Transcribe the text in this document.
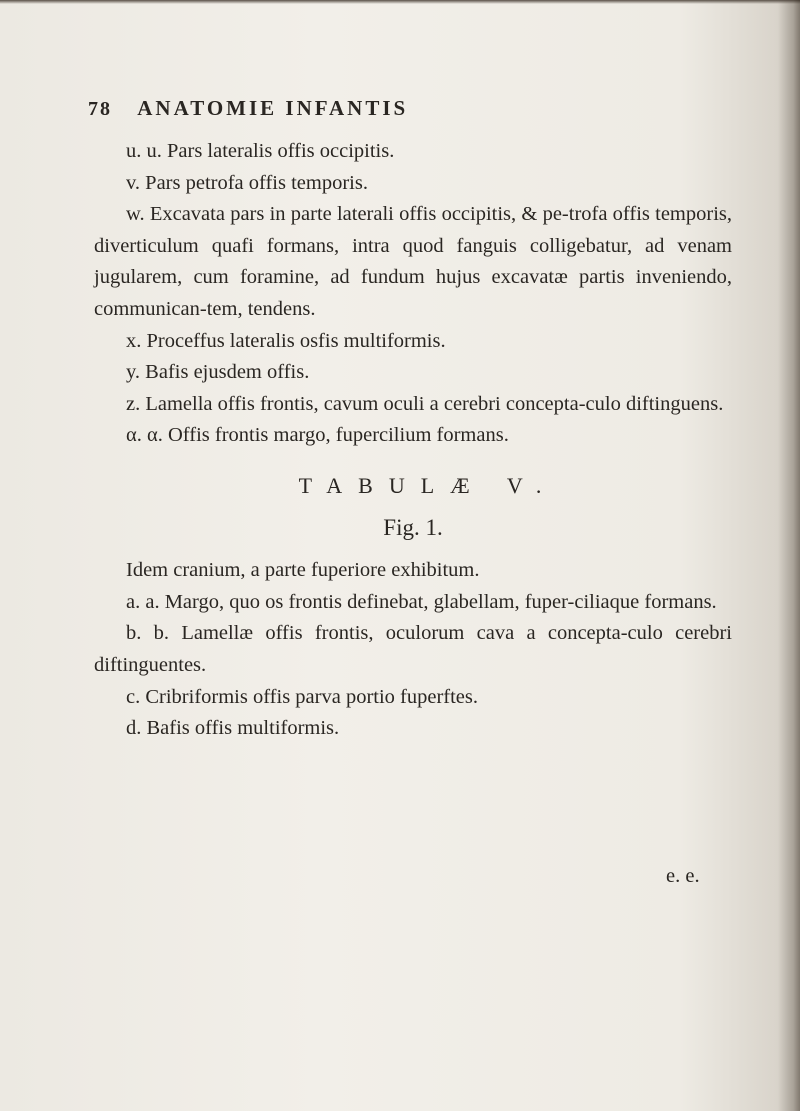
78 ANATOMIE INFANTIS

u. u. Pars lateralis offis occipitis.

v. Pars petrofa offis temporis.

w. Excavata pars in parte laterali offis occipitis, & pe-trofa offis temporis, diverticulum quafi formans, intra quod fanguis colligebatur, ad venam jugularem, cum foramine, ad fundum hujus excavatæ partis inveniendo, communican-tem, tendens.

x. Proceffus lateralis osfis multiformis.

y. Bafis ejusdem offis.

z. Lamella offis frontis, cavum oculi a cerebri concepta-culo diftinguens.

α. α. Offis frontis margo, fupercilium formans.

TABULÆ V.
Fig. 1.

Idem cranium, a parte fuperiore exhibitum.

a. a. Margo, quo os frontis definebat, glabellam, fuper-ciliaque formans.

b. b. Lamellæ offis frontis, oculorum cava a concepta-culo cerebri diftinguentes.

c. Cribriformis offis parva portio fuperftes.

d. Bafis offis multiformis.

e. e.
